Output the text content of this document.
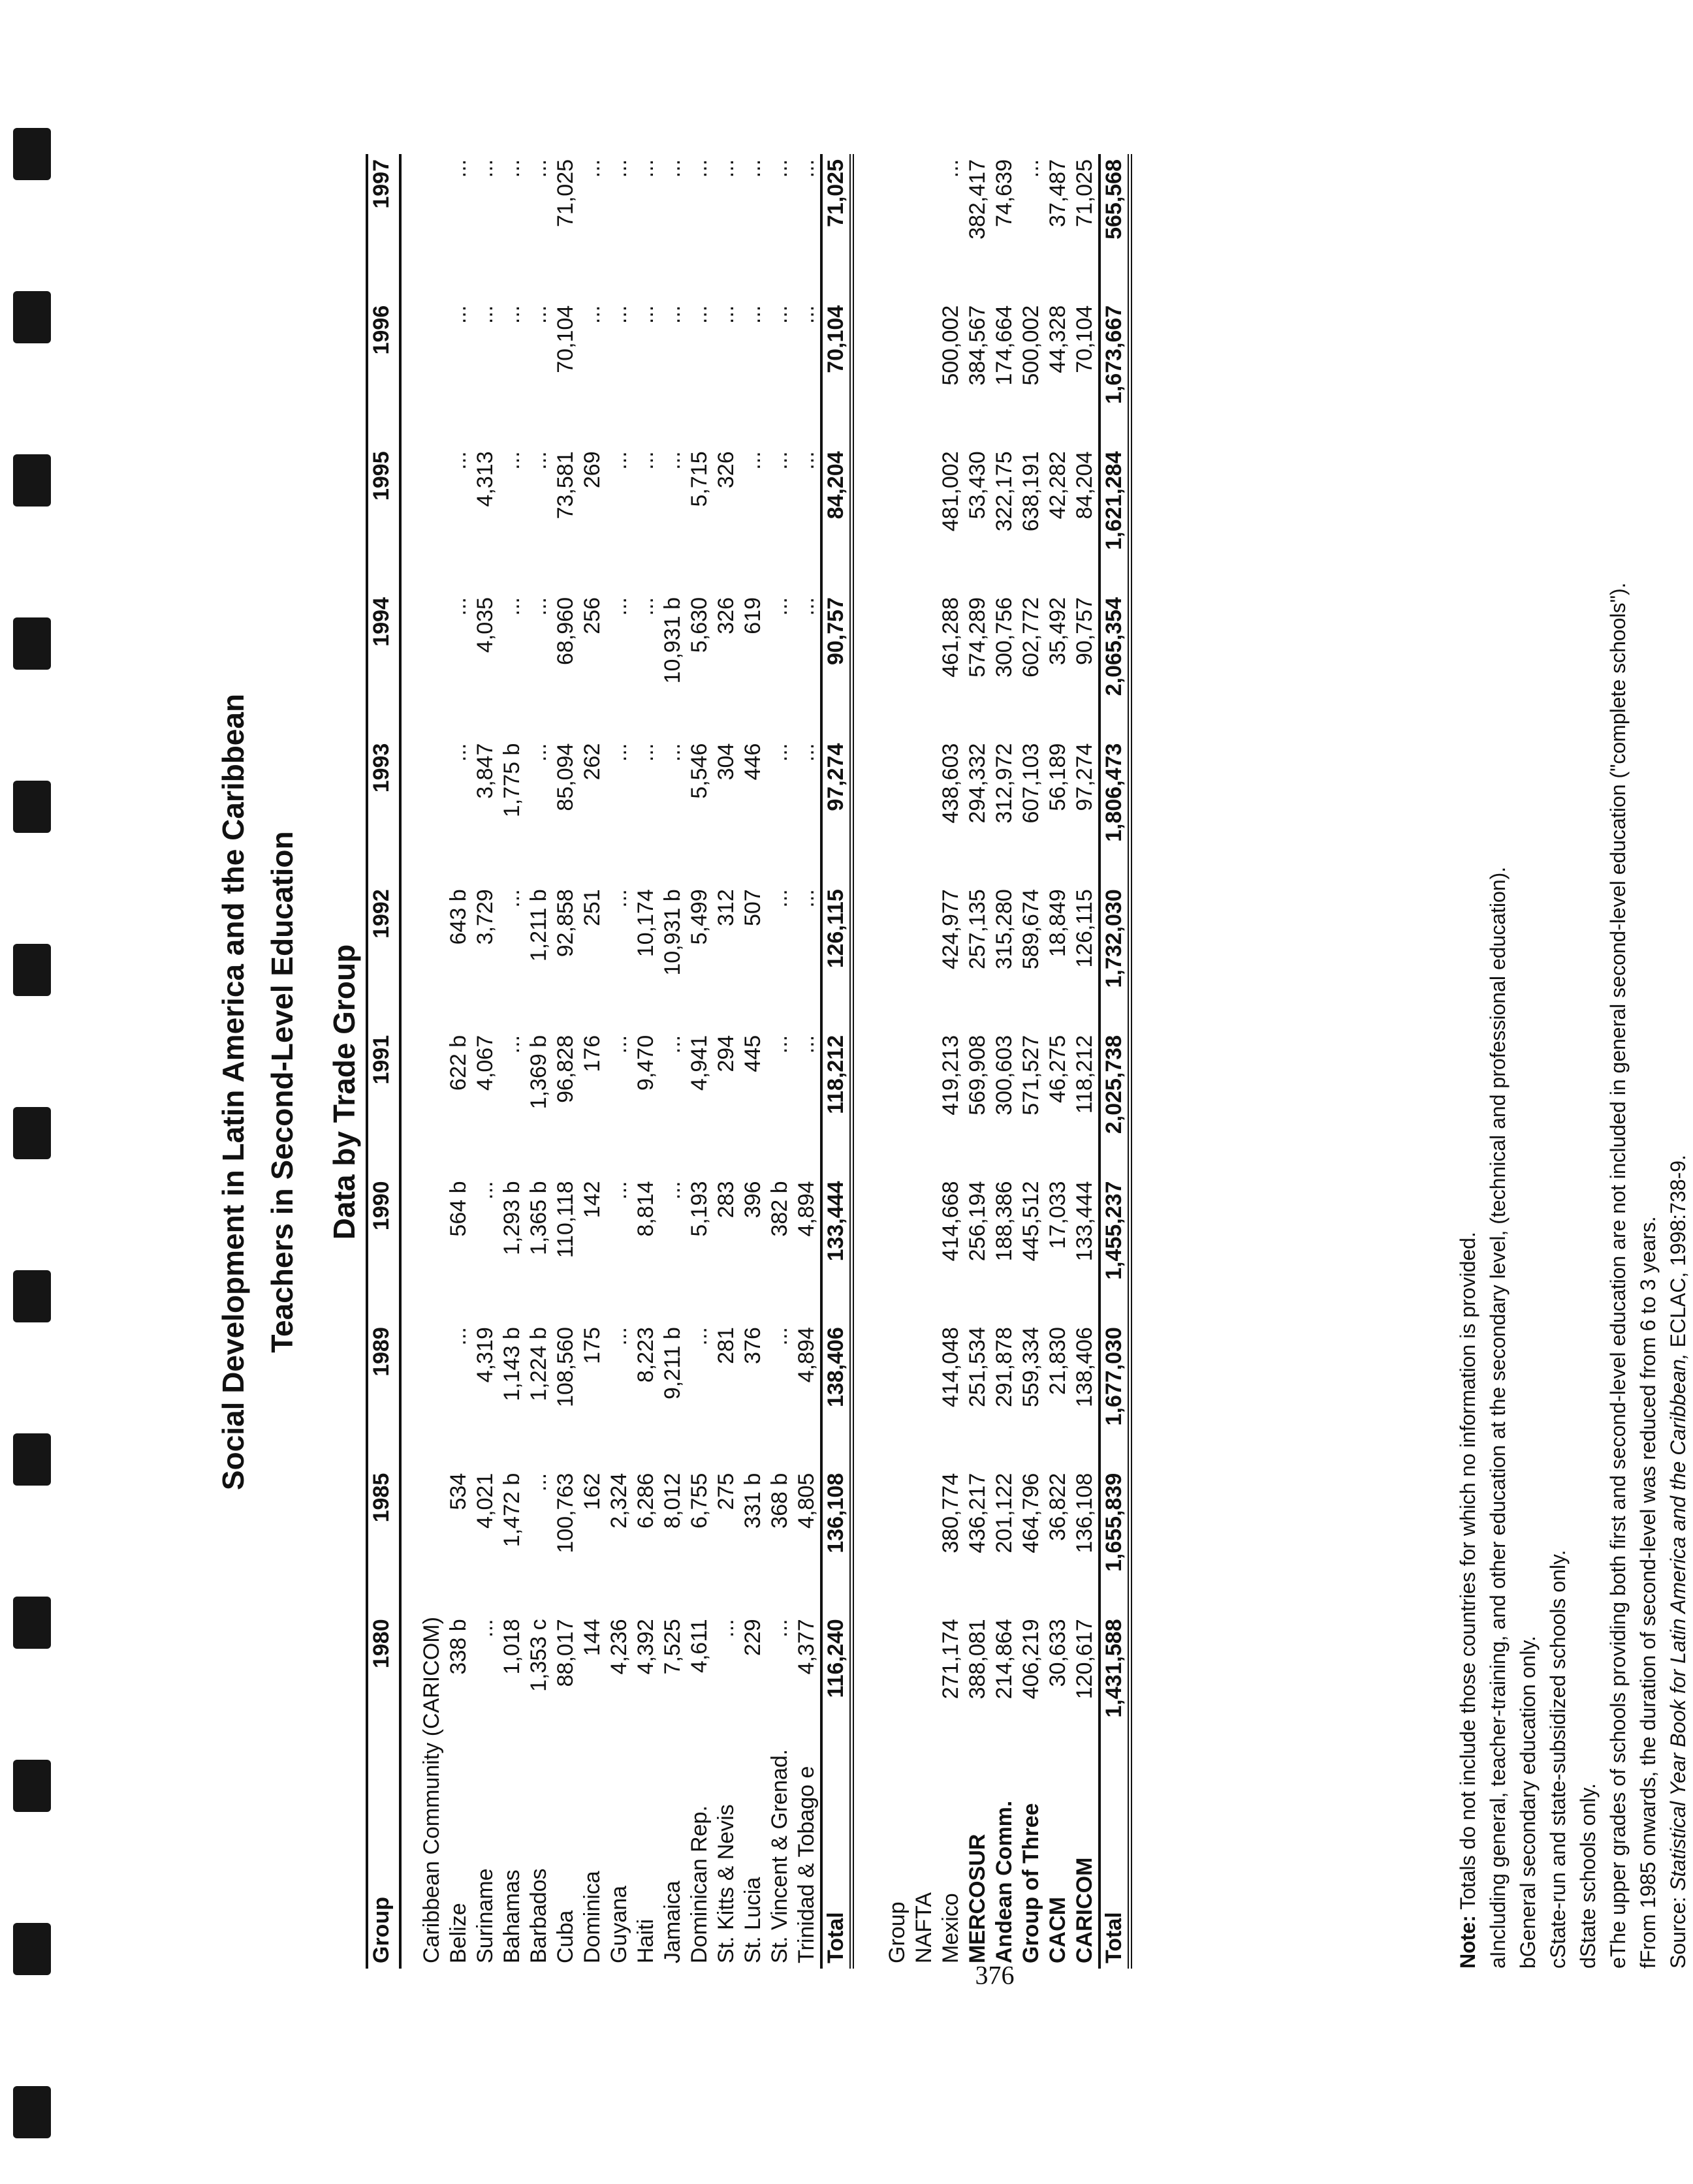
Social Development in Latin America and the Caribbean Teachers in Second-Level Education Data by Trade Group
Group	1980	1985	1989	1990	1991	1992	1993	1994	1995	1996	1997
Caribbean Community (CARICOM)											
Belize	338 b	534	...	564 b	622 b	643 b	...	...	...	...	...
Suriname	...	4,021	4,319	...	4,067	3,729	3,847	4,035	4,313	...	...
Bahamas	1,018	1,472 b	1,143 b	1,293 b	...	...	1,775 b	...	...	...	...
Barbados	1,353 c	...	1,224 b	1,365 b	1,369 b	1,211 b	...	...	...	...	...
Cuba	88,017	100,763	108,560	110,118	96,828	92,858	85,094	68,960	73,581	70,104	71,025
Dominica	144	162	175	142	176	251	262	256	269	...	...
Guyana	4,236	2,324	...	...	...	...	...	...	...	...	...
Haiti	4,392	6,286	8,223	8,814	9,470	10,174	...	...	...	...	...
Jamaica	7,525	8,012	9,211 b	...	...	10,931 b	...	10,931 b	...	...	...
Dominican Rep.	4,611	6,755	...	5,193	4,941	5,499	5,546	5,630	5,715	...	...
St. Kitts & Nevis	...	275	281	283	294	312	304	326	326	...	...
St. Lucia	229	331 b	376	396	445	507	446	619	...	...	...
St. Vincent & Grenad.	...	368 b	...	382 b	...	...	...	...	...	...	...
Trinidad & Tobago e	4,377	4,805	4,894	4,894	...	...	...	...	...	...	...
Total	116,240	136,108	138,406	133,444	118,212	126,115	97,274	90,757	84,204	70,104	71,025

Group											
NAFTA											
Mexico	271,174	380,774	414,048	414,668	419,213	424,977	438,603	461,288	481,002	500,002	...
MERCOSUR	388,081	436,217	251,534	256,194	569,908	257,135	294,332	574,289	53,430	384,567	382,417
Andean Comm.	214,864	201,122	291,878	188,386	300,603	315,280	312,972	300,756	322,175	174,664	74,639
Group of Three	406,219	464,796	559,334	445,512	571,527	589,674	607,103	602,772	638,191	500,002	...
CACM	30,633	36,822	21,830	17,033	46,275	18,849	56,189	35,492	42,282	44,328	37,487
CARICOM	120,617	136,108	138,406	133,444	118,212	126,115	97,274	90,757	84,204	70,104	71,025
Total	1,431,588	1,655,839	1,677,030	1,455,237	2,025,738	1,732,030	1,806,473	2,065,354	1,621,284	1,673,667	565,568
Note: Totals do not include those countries for which no information is provided. aIncluding general, teacher-training, and other education at the secondary level, (technical and professional education). bGeneral secondary education only. cState-run and state-subsidized schools only. dState schools only. eThe upper grades of schools providing both first and second-level education are not included in general second-level education ("complete schools"). fFrom 1985 onwards, the duration of second-level was reduced from 6 to 3 years. Source: Statistical Year Book for Latin America and the Caribbean, ECLAC, 1998:738-9.
376
